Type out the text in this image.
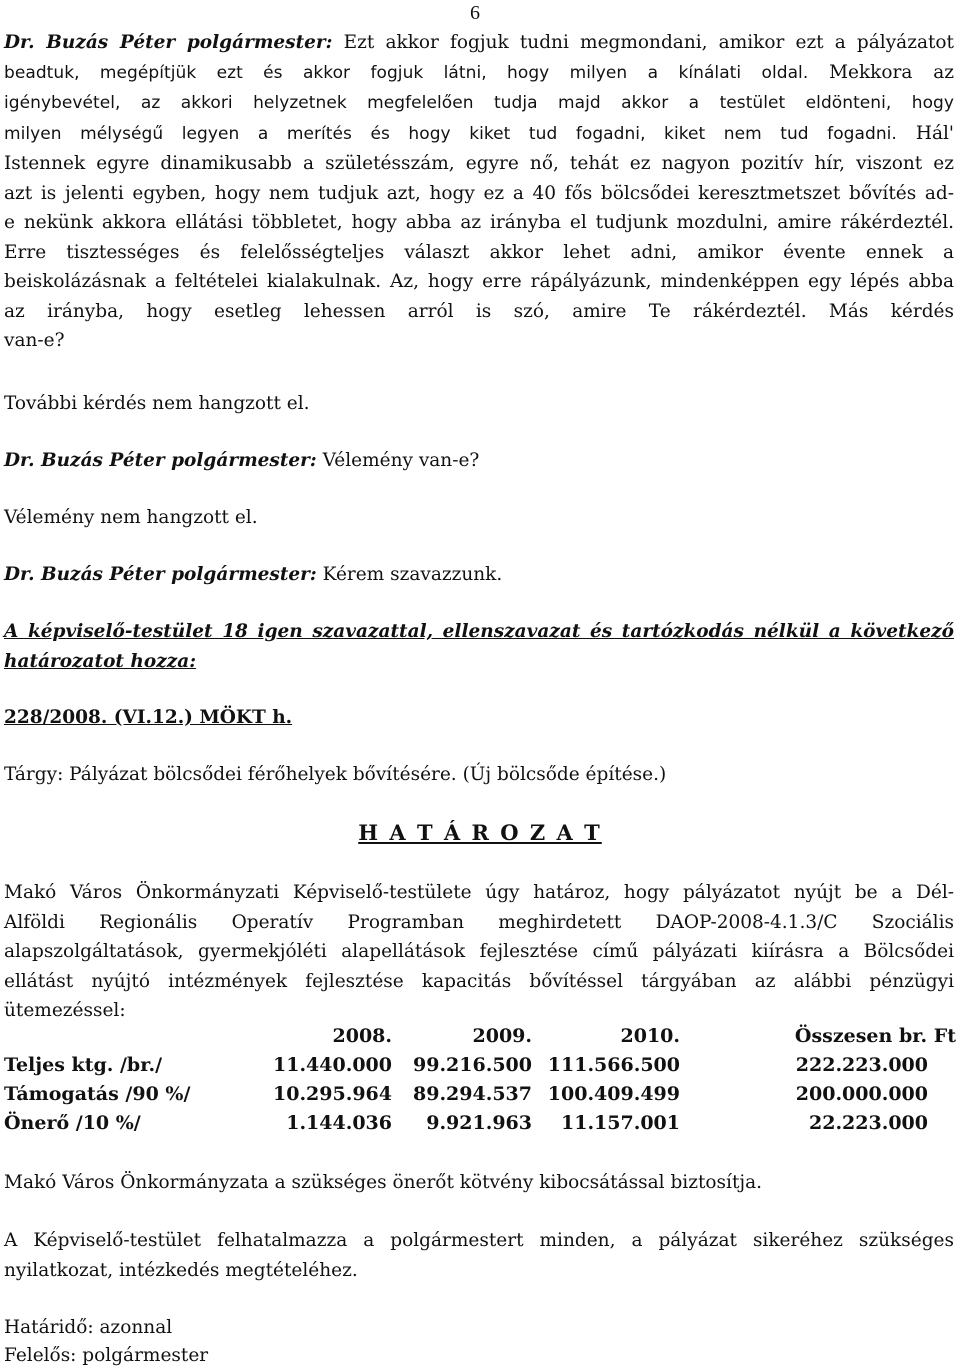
6
Dr. Buzás Péter polgármester: Ezt akkor fogjuk tudni megmondani, amikor ezt a pályázatot
beadtuk, megépítjük ezt és akkor fogjuk látni, hogy milyen a kínálati oldal. Mekkora az
igénybevétel, az akkori helyzetnek megfelelően tudja majd akkor a testület eldönteni, hogy
milyen mélységű legyen a merítés és hogy kiket tud fogadni, kiket nem tud fogadni. Hál'
Istennek egyre dinamikusabb a születésszám, egyre nő, tehát ez nagyon pozitív hír, viszont ez
azt is jelenti egyben, hogy nem tudjuk azt, hogy ez a 40 fős bölcsődei keresztmetszet bővítés ad-
e nekünk akkora ellátási többletet, hogy abba az irányba el tudjunk mozdulni, amire rákérdeztél.
Erre tisztességes és felelősségteljes választ akkor lehet adni, amikor évente ennek a
beiskolázásnak a feltételei kialakulnak. Az, hogy erre rápályázunk, mindenképpen egy lépés abba
az irányba, hogy esetleg lehessen arról is szó, amire Te rákérdeztél. Más kérdés
van-e?
További kérdés nem hangzott el.
Dr. Buzás Péter polgármester: Vélemény van-e?
Vélemény nem hangzott el.
Dr. Buzás Péter polgármester: Kérem szavazzunk.
A képviselő-testület 18 igen szavazattal, ellenszavazat és tartózkodás nélkül a következő
határozatot hozza:
228/2008. (VI.12.) MÖKT h.
Tárgy: Pályázat bölcsődei férőhelyek bővítésére. (Új bölcsőde építése.)
H A T Á R O Z A T
Makó Város Önkormányzati Képviselő-testülete úgy határoz, hogy pályázatot nyújt be a Dél-
Alföldi Regionális Operatív Programban meghirdetett DAOP-2008-4.1.3/C Szociális
alapszolgáltatások, gyermekjóléti alapellátások fejlesztése című pályázati kiírásra a Bölcsődei
ellátást nyújtó intézmények fejlesztése kapacitás bővítéssel tárgyában az alábbi pénzügyi
ütemezéssel:
	2008.	2009.	2010.	Összesen br. Ft
Teljes ktg. /br./	11.440.000	99.216.500	111.566.500	222.223.000
Támogatás /90 %/	10.295.964	89.294.537	100.409.499	200.000.000
Önerő /10 %/	1.144.036	9.921.963	11.157.001	22.223.000
Makó Város Önkormányzata a szükséges önerőt kötvény kibocsátással biztosítja.
A Képviselő-testület felhatalmazza a polgármestert minden, a pályázat sikeréhez szükséges
nyilatkozat, intézkedés megtételéhez.
Határidő: azonnal
Felelős: polgármester
